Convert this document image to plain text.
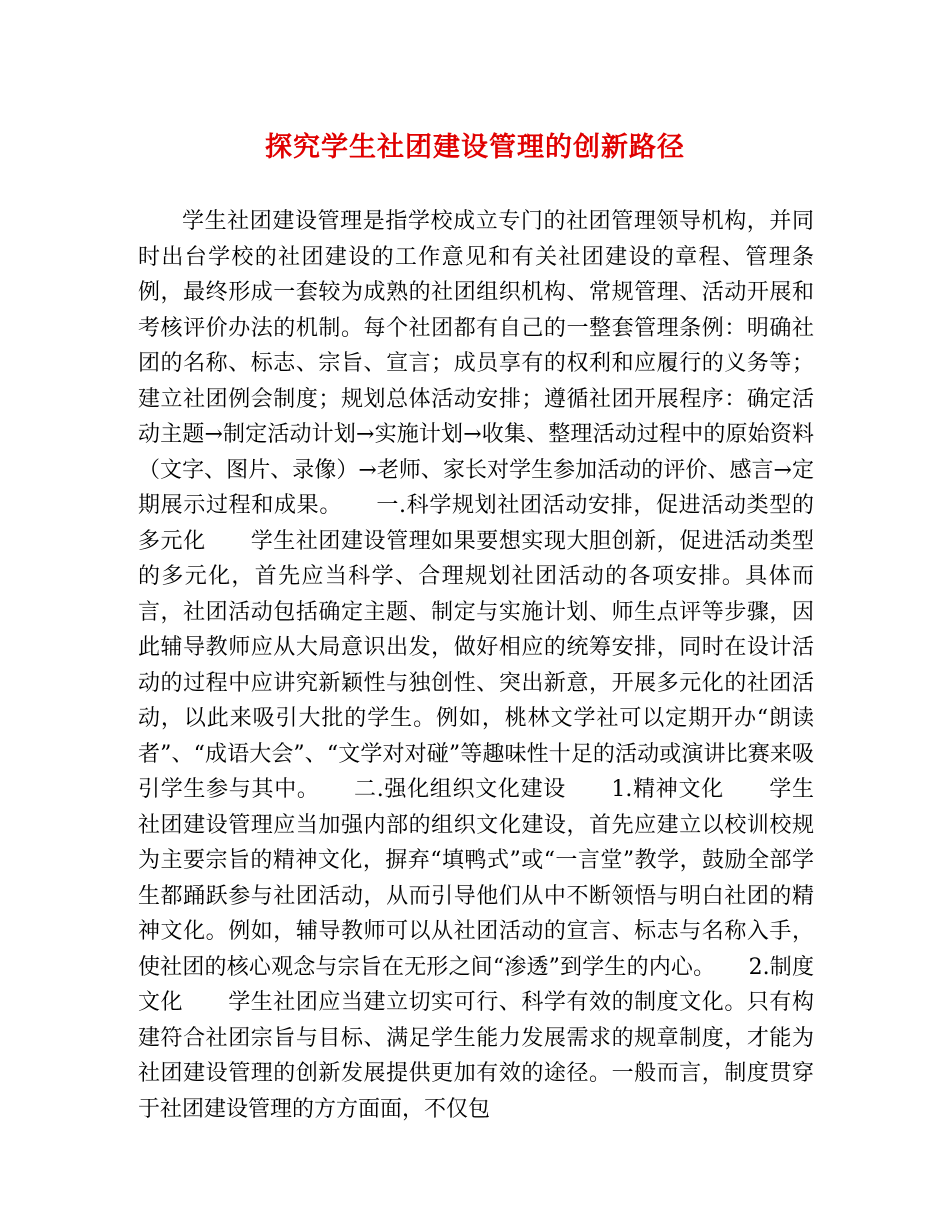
探究学生社团建设管理的创新路径

学生社团建设管理是指学校成立专门的社团管理领导机构，并同时出台学校的社团建设的工作意见和有关社团建设的章程、管理条例，最终形成一套较为成熟的社团组织机构、常规管理、活动开展和考核评价办法的机制。每个社团都有自己的一整套管理条例：明确社团的名称、标志、宗旨、宣言；成员享有的权利和应履行的义务等；建立社团例会制度；规划总体活动安排；遵循社团开展程序：确定活动主题→制定活动计划→实施计划→收集、整理活动过程中的原始资料（文字、图片、录像）→老师、家长对学生参加活动的评价、感言→定期展示过程和成果。　　一.科学规划社团活动安排，促进活动类型的多元化　　学生社团建设管理如果要想实现大胆创新，促进活动类型的多元化，首先应当科学、合理规划社团活动的各项安排。具体而言，社团活动包括确定主题、制定与实施计划、师生点评等步骤，因此辅导教师应从大局意识出发，做好相应的统筹安排，同时在设计活动的过程中应讲究新颖性与独创性、突出新意，开展多元化的社团活动，以此来吸引大批的学生。例如，桃林文学社可以定期开办“朗读者”、“成语大会”、“文学对对碰”等趣味性十足的活动或演讲比赛来吸引学生参与其中。　　二.强化组织文化建设　　1.精神文化　　学生社团建设管理应当加强内部的组织文化建设，首先应建立以校训校规为主要宗旨的精神文化，摒弃“填鸭式”或“一言堂”教学，鼓励全部学生都踊跃参与社团活动，从而引导他们从中不断领悟与明白社团的精神文化。例如，辅导教师可以从社团活动的宣言、标志与名称入手，使社团的核心观念与宗旨在无形之间“渗透”到学生的内心。　　2.制度文化　　学生社团应当建立切实可行、科学有效的制度文化。只有构建符合社团宗旨与目标、满足学生能力发展需求的规章制度，才能为社团建设管理的创新发展提供更加有效的途径。一般而言，制度贯穿于社团建设管理的方方面面，不仅包
